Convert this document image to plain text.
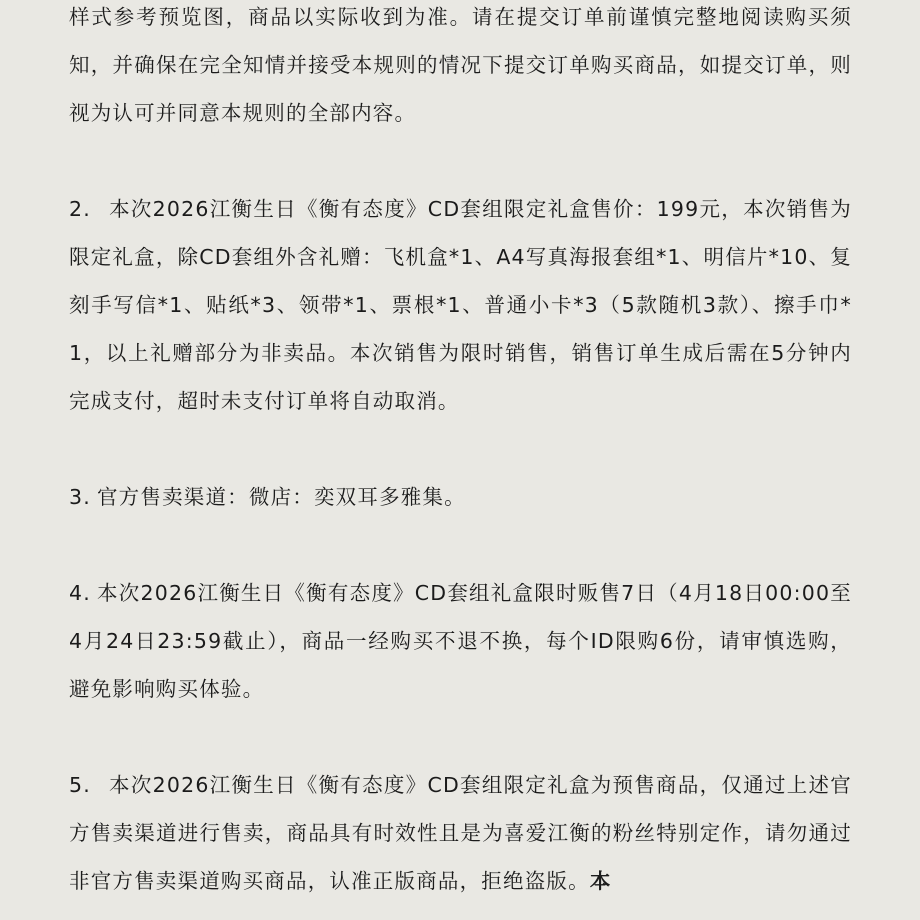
样式参考预览图，商品以实际收到为准。请在提交订单前谨慎完整地阅读购买须知，并确保在完全知情并接受本规则的情况下提交订单购买商品，如提交订单，则视为认可并同意本规则的全部内容。

2. 本次2026江衡生日《衡有态度》CD套组限定礼盒售价：199元，本次销售为限定礼盒，除CD套组外含礼赠：飞机盒*1、A4写真海报套组*1、明信片*10、复刻手写信*1、贴纸*3、领带*1、票根*1、普通小卡*3（5款随机3款）、擦手巾*1，以上礼赠部分为非卖品。本次销售为限时销售，销售订单生成后需在5分钟内完成支付，超时未支付订单将自动取消。

3. 官方售卖渠道：微店：奕双耳多雅集。

4. 本次2026江衡生日《衡有态度》CD套组礼盒限时贩售7日（4月18日00:00至4月24日23:59截止），商品一经购买不退不换，每个ID限购6份，请审慎选购，避免影响购买体验。

5. 本次2026江衡生日《衡有态度》CD套组限定礼盒为预售商品，仅通过上述官方售卖渠道进行售卖，商品具有时效性且是为喜爱江衡的粉丝特别定作，请勿通过非官方售卖渠道购买商品，认准正版商品，拒绝盗版。本
